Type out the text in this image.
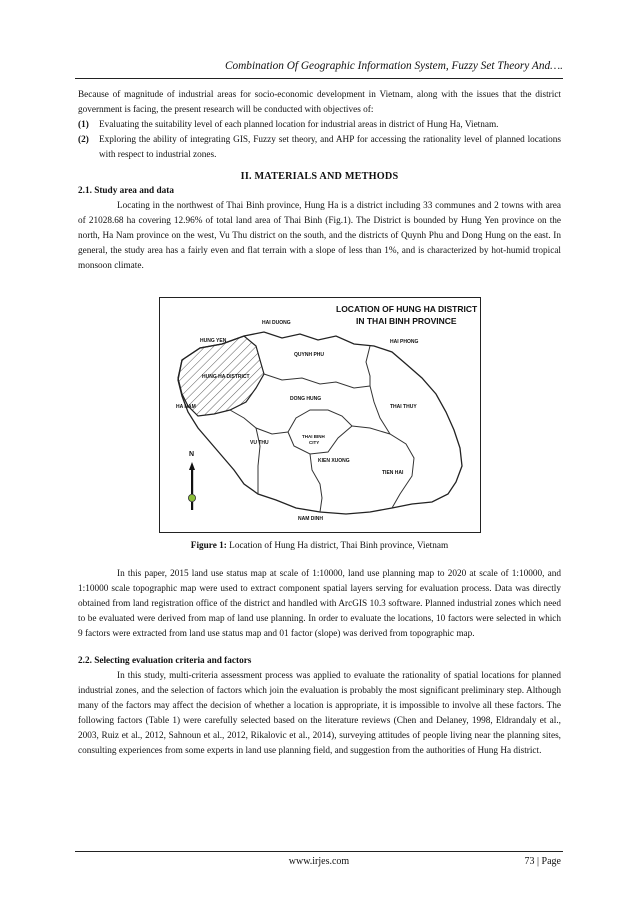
Combination Of Geographic Information System, Fuzzy Set Theory And….

Because of magnitude of industrial areas for socio-economic development in Vietnam, along with the issues that the district government is facing, the present research will be conducted with objectives of:

(1)	Evaluating the suitability level of each planned location for industrial areas in district of Hung Ha, Vietnam.
(2)	Exploring the ability of integrating GIS, Fuzzy set theory, and AHP for accessing the rationality level of planned locations with respect to industrial zones.
II. MATERIALS AND METHODS

2.1. Study area and data

Locating in the northwest of Thai Binh province, Hung Ha is a district including 33 communes and 2 towns with area of 21028.68 ha covering 12.96% of total land area of Thai Binh (Fig.1). The District is bounded by Hung Yen province on the north, Ha Nam province on the west, Vu Thu district on the south, and the districts of Quynh Phu and Dong Hung on the east. In general, the study area has a fairly even and flat terrain with a slope of less than 1%, and is characterized by hot-humid tropical monsoon climate.

LOCATION OF HUNG HA DISTRICT
IN THAI BINH PROVINCE
HAI DUONG
HUNG YEN	HAI PHONG
QUYNH PHU
HUNG HA DISTRICT
HA NAM
DONG HUNG
THAI THUY
VU THU
THAI BINH
CITY
KIEN XUONG
TIEN HAI
NAM DINH
N
Figure 1: Location of Hung Ha district, Thai Binh province, Vietnam

In this paper, 2015 land use status map at scale of 1:10000, land use planning map to 2020 at scale of 1:10000, and 1:10000 scale topographic map were used to extract component spatial layers serving for evaluation process. Data was directly obtained from land registration office of the district and handled with ArcGIS 10.3 software. Planned industrial zones which need to be evaluated were derived from map of land use planning. In order to evaluate the locations, 10 factors were selected in which 9 factors were extracted from land use status map and 01 factor (slope) was derived from topographic map.

2.2. Selecting evaluation criteria and factors

In this study, multi-criteria assessment process was applied to evaluate the rationality of spatial locations for planned industrial zones, and the selection of factors which join the evaluation is probably the most significant preliminary step. Although many of the factors may affect the decision of whether a location is appropriate, it is impossible to involve all these factors. The following factors (Table 1) were carefully selected based on the literature reviews (Chen and Delaney, 1998, Eldrandaly et al., 2003, Ruiz et al., 2012, Sahnoun et al., 2012, Rikalovic et al., 2014), surveying attitudes of people living near the planning sites, consulting experiences from some experts in land use planning field, and suggestion from the authorities of Hung Ha district.

www.irjes.com	73 | Page
